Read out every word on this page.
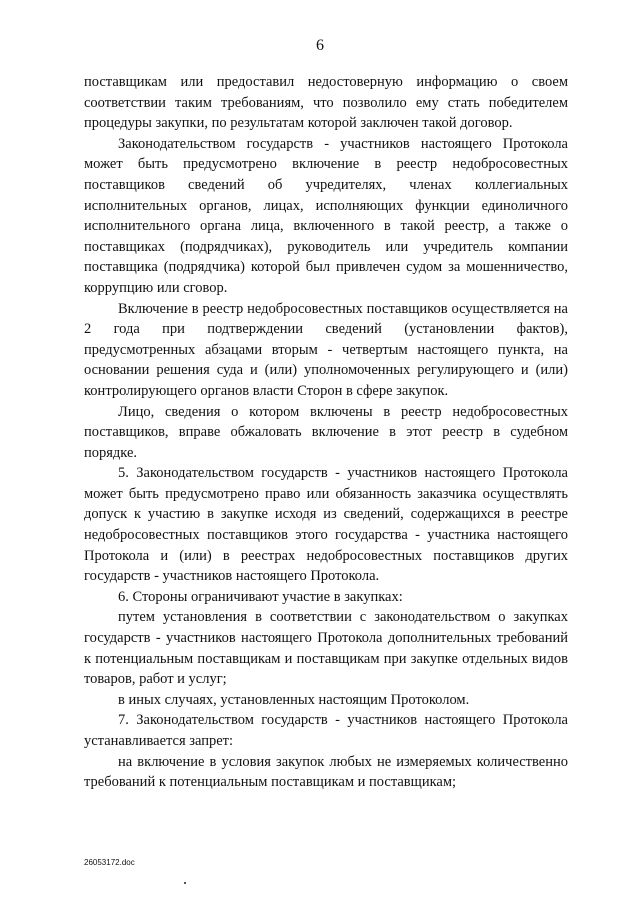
6

поставщикам или предоставил недостоверную информацию о своем соответствии таким требованиям, что позволило ему стать победителем процедуры закупки, по результатам которой заключен такой договор.

Законодательством государств - участников настоящего Протокола может быть предусмотрено включение в реестр недобросовестных поставщиков сведений об учредителях, членах коллегиальных исполнительных органов, лицах, исполняющих функции единоличного исполнительного органа лица, включенного в такой реестр, а также о поставщиках (подрядчиках), руководитель или учредитель компании поставщика (подрядчика) которой был привлечен судом за мошенничество, коррупцию или сговор.

Включение в реестр недобросовестных поставщиков осуществляется на 2 года при подтверждении сведений (установлении фактов), предусмотренных абзацами вторым - четвертым настоящего пункта, на основании решения суда и (или) уполномоченных регулирующего и (или) контролирующего органов власти Сторон в сфере закупок.

Лицо, сведения о котором включены в реестр недобросовестных поставщиков, вправе обжаловать включение в этот реестр в судебном порядке.

5. Законодательством государств - участников настоящего Протокола может быть предусмотрено право или обязанность заказчика осуществлять допуск к участию в закупке исходя из сведений, содержащихся в реестре недобросовестных поставщиков этого государства - участника настоящего Протокола и (или) в реестрах недобросовестных поставщиков других государств - участников настоящего Протокола.

6. Стороны ограничивают участие в закупках:

путем установления в соответствии с законодательством о закупках государств - участников настоящего Протокола дополнительных требований к потенциальным поставщикам и поставщикам при закупке отдельных видов товаров, работ и услуг;

в иных случаях, установленных настоящим Протоколом.

7. Законодательством государств - участников настоящего Протокола устанавливается запрет:

на включение в условия закупок любых не измеряемых количественно требований к потенциальным поставщикам и поставщикам;

26053172.doc
